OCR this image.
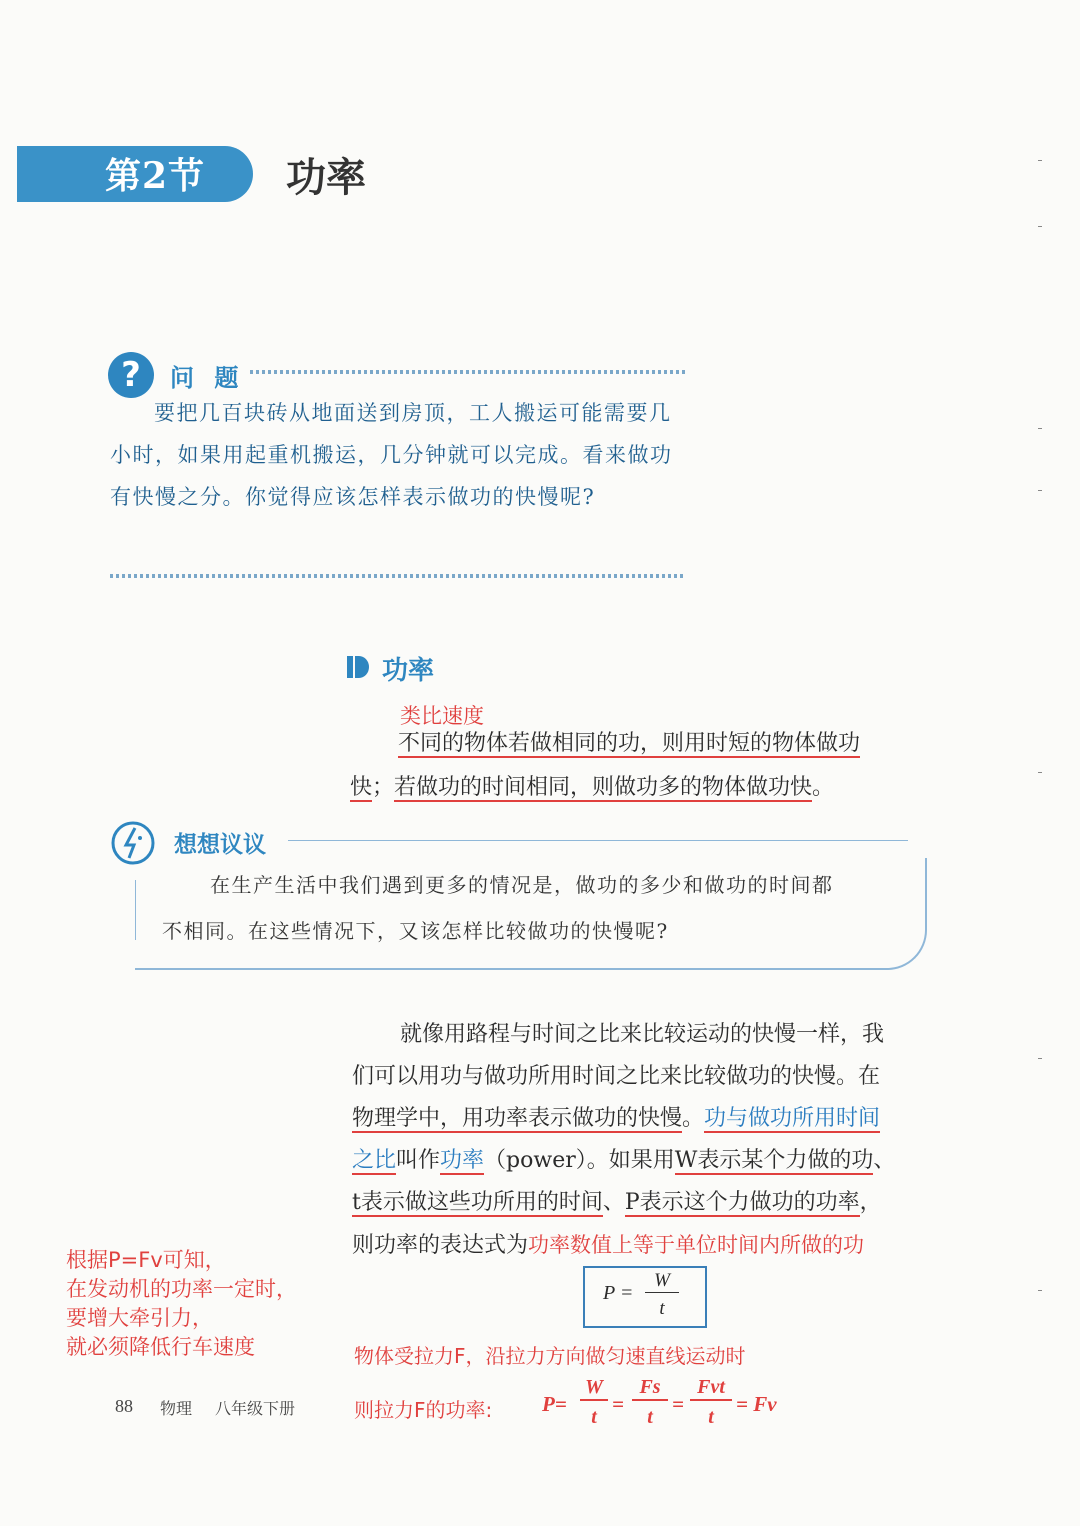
第2节 功率
?	问 题
要把几百块砖从地面送到房顶，工人搬运可能需要几小时，如果用起重机搬运，几分钟就可以完成。看来做功有快慢之分。你觉得应该怎样表示做功的快慢呢?
功率
类比速度
不同的物体若做相同的功，则用时短的物体做功
快；若做功的时间相同，则做功多的物体做功快。
想想议议
在生产生活中我们遇到更多的情况是，做功的多少和做功的时间都
不相同。在这些情况下，又该怎样比较做功的快慢呢?
就像用路程与时间之比来比较运动的快慢一样，我
们可以用功与做功所用时间之比来比较做功的快慢。在
物理学中，用功率表示做功的快慢。功与做功所用时间
之比叫作功率（power）。如果用W表示某个力做的功、
t表示做这些功所用的时间、P表示这个力做功的功率，
则功率的表达式为功率数值上等于单位时间内所做的功
P =
W
t
根据P=Fv可知，
在发动机的功率一定时，
要增大牵引力，
就必须降低行车速度	物体受拉力F，沿拉力方向做匀速直线运动时
则拉力F的功率: P=
W
t
=
Fs
t
=
Fvt
t
= Fv
88 物理 八年级下册
